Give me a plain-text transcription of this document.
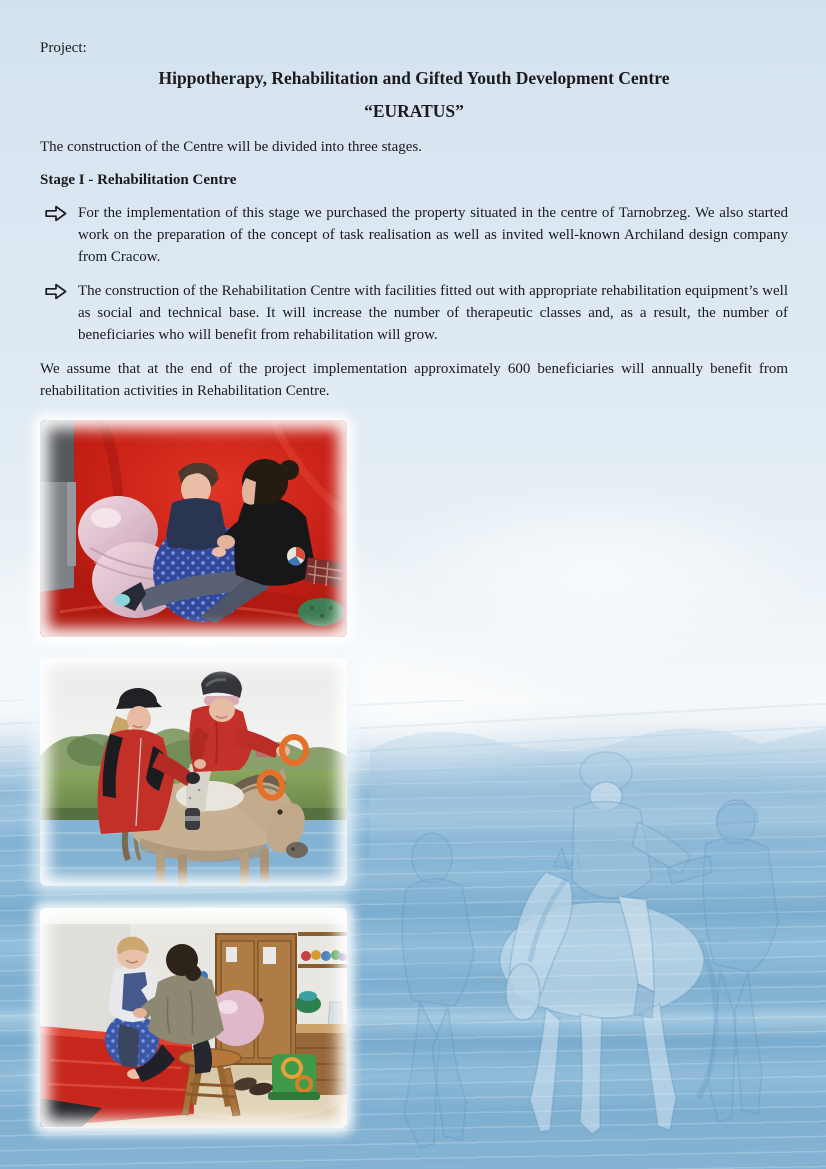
Project:

Hippotherapy, Rehabilitation and Gifted Youth Development Centre
“EURATUS”

The construction of the Centre will be divided into three stages.

Stage I - Rehabilitation Centre

For the implementation of this stage we purchased the property situated in the centre of Tarnobrzeg. We also started work on the preparation of the concept of task realisation as well as invited well-known Archiland design company from Cracow.

The construction of the Rehabilitation Centre with facilities fitted out with appropriate rehabilitation equipment’s well as social and technical base. It will increase the number of therapeutic classes and, as a result, the number of beneficiaries who will benefit from rehabilitation will grow.

We assume that at the end of the project implementation approximately 600 beneficiaries will annually benefit from rehabilitation activities in Rehabilitation Centre.
